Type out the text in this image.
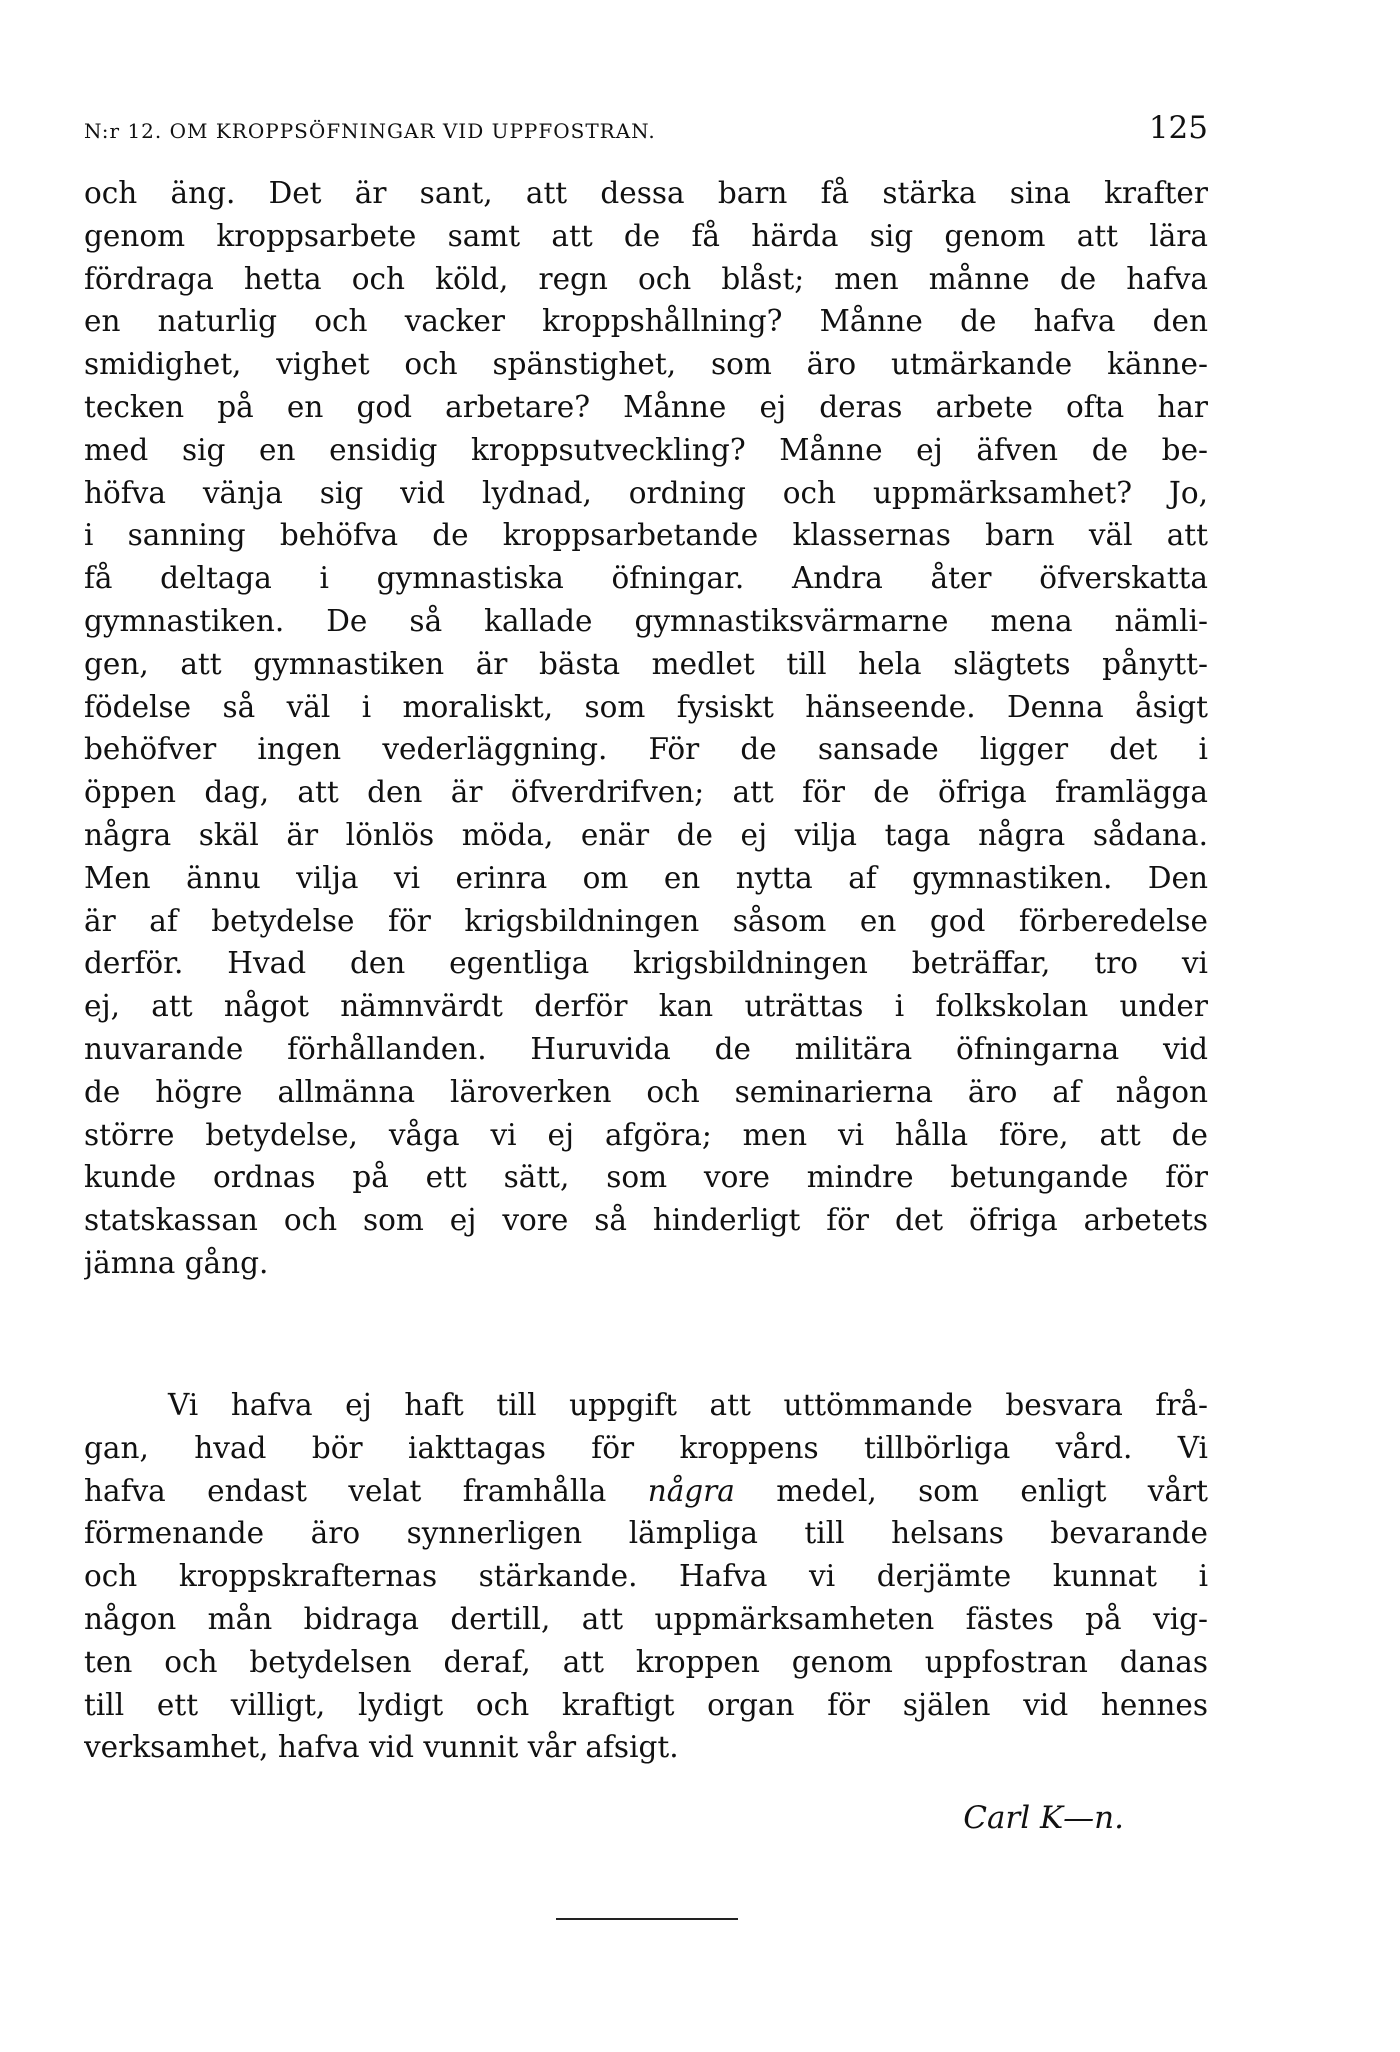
N:r 12. OM KROPPSÖFNINGAR VID UPPFOSTRAN.	125
och äng. Det är sant, att dessa barn få stärka sina krafter
genom kroppsarbete samt att de få härda sig genom att lära
fördraga hetta och köld, regn och blåst; men månne de hafva
en naturlig och vacker kroppshållning? Månne de hafva den
smidighet, vighet och spänstighet, som äro utmärkande känne-
tecken på en god arbetare? Månne ej deras arbete ofta har
med sig en ensidig kroppsutveckling? Månne ej äfven de be-
höfva vänja sig vid lydnad, ordning och uppmärksamhet? Jo,
i sanning behöfva de kroppsarbetande klassernas barn väl att
få deltaga i gymnastiska öfningar. Andra åter öfverskatta
gymnastiken. De så kallade gymnastiksvärmarne mena nämli-
gen, att gymnastiken är bästa medlet till hela slägtets pånytt-
födelse så väl i moraliskt, som fysiskt hänseende. Denna åsigt
behöfver ingen vederläggning. För de sansade ligger det i
öppen dag, att den är öfverdrifven; att för de öfriga framlägga
några skäl är lönlös möda, enär de ej vilja taga några sådana.
Men ännu vilja vi erinra om en nytta af gymnastiken. Den
är af betydelse för krigsbildningen såsom en god förberedelse
derför. Hvad den egentliga krigsbildningen beträffar, tro vi
ej, att något nämnvärdt derför kan uträttas i folkskolan under
nuvarande förhållanden. Huruvida de militära öfningarna vid
de högre allmänna läroverken och seminarierna äro af någon
större betydelse, våga vi ej afgöra; men vi hålla före, att de
kunde ordnas på ett sätt, som vore mindre betungande för
statskassan och som ej vore så hinderligt för det öfriga arbetets
jämna gång.
Vi hafva ej haft till uppgift att uttömmande besvara frå-
gan, hvad bör iakttagas för kroppens tillbörliga vård. Vi
hafva endast velat framhålla några medel, som enligt vårt
förmenande äro synnerligen lämpliga till helsans bevarande
och kroppskrafternas stärkande. Hafva vi derjämte kunnat i
någon mån bidraga dertill, att uppmärksamheten fästes på vig-
ten och betydelsen deraf, att kroppen genom uppfostran danas
till ett villigt, lydigt och kraftigt organ för själen vid hennes
verksamhet, hafva vid vunnit vår afsigt.
Carl K—n.
